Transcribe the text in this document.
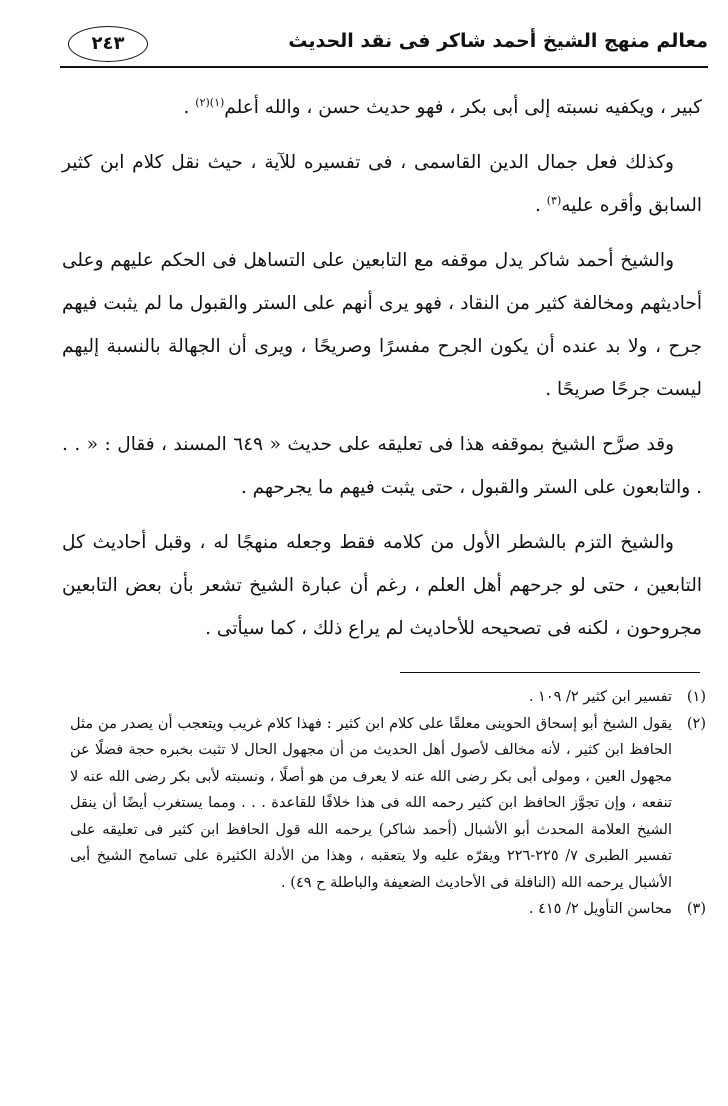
٢٤٣	معالم منهج الشيخ أحمد شاكر فى نقد الحديث

كبير ، ويكفيه نسبته إلى أبى بكر ، فهو حديث حسن ، والله أعلم$^{(١)(٢)}$ .

وكذلك فعل جمال الدين القاسمى ، فى تفسيره للآية ، حيث نقل كلام ابن كثير السابق وأقره عليه$^{(٣)}$ .

والشيخ أحمد شاكر يدل موقفه مع التابعين على التساهل فى الحكم عليهم وعلى أحاديثهم ومخالفة كثير من النقاد ، فهو يرى أنهم على الستر والقبول ما لم يثبت فيهم جرح ، ولا بد عنده أن يكون الجرح مفسرًا وصريحًا ، ويرى أن الجهالة بالنسبة إليهم ليست جرحًا صريحًا .

وقد صرَّح الشيخ بموقفه هذا فى تعليقه على حديث « ٦٤٩ المسند ، فقال : « . . . والتابعون على الستر والقبول ، حتى يثبت فيهم ما يجرحهم .

والشيخ التزم بالشطر الأول من كلامه فقط وجعله منهجًا له ، وقبل أحاديث كل التابعين ، حتى لو جرحهم أهل العلم ، رغم أن عبارة الشيخ تشعر بأن بعض التابعين مجروحون ، لكنه فى تصحيحه للأحاديث لم يراع ذلك ، كما سيأتى .

(١)
تفسير ابن كثير ٢/ ١٠٩ .
(٢)
يقول الشيخ أبو إسحاق الحوينى معلقًا على كلام ابن كثير : فهذا كلام غريب ويتعجب أن يصدر من مثل الحافظ ابن كثير ، لأنه مخالف لأصول أهل الحديث من أن مجهول الحال لا تثبت بخبره حجة فضلًا عن مجهول العين ، ومولى أبى بكر رضى الله عنه لا يعرف من هو أصلًا ، ونسبته لأبى بكر رضى الله عنه لا تنفعه ، وإن تجوَّز الحافظ ابن كثير رحمه الله فى هذا خلافًا للقاعدة . . . ومما يستغرب أيضًا أن ينقل الشيخ العلامة المحدث أبو الأشبال (أحمد شاكر) يرحمه الله قول الحافظ ابن كثير فى تعليقه على تفسير الطبرى ٧/ ٢٢٥-٢٢٦ ويقرّه عليه ولا يتعقبه ، وهذا من الأدلة الكثيرة على تسامح الشيخ أبى الأشبال يرحمه الله (النافلة فى الأحاديث الضعيفة والباطلة ح ٤٩) .
(٣)
محاسن التأويل ٢/ ٤١٥ .
